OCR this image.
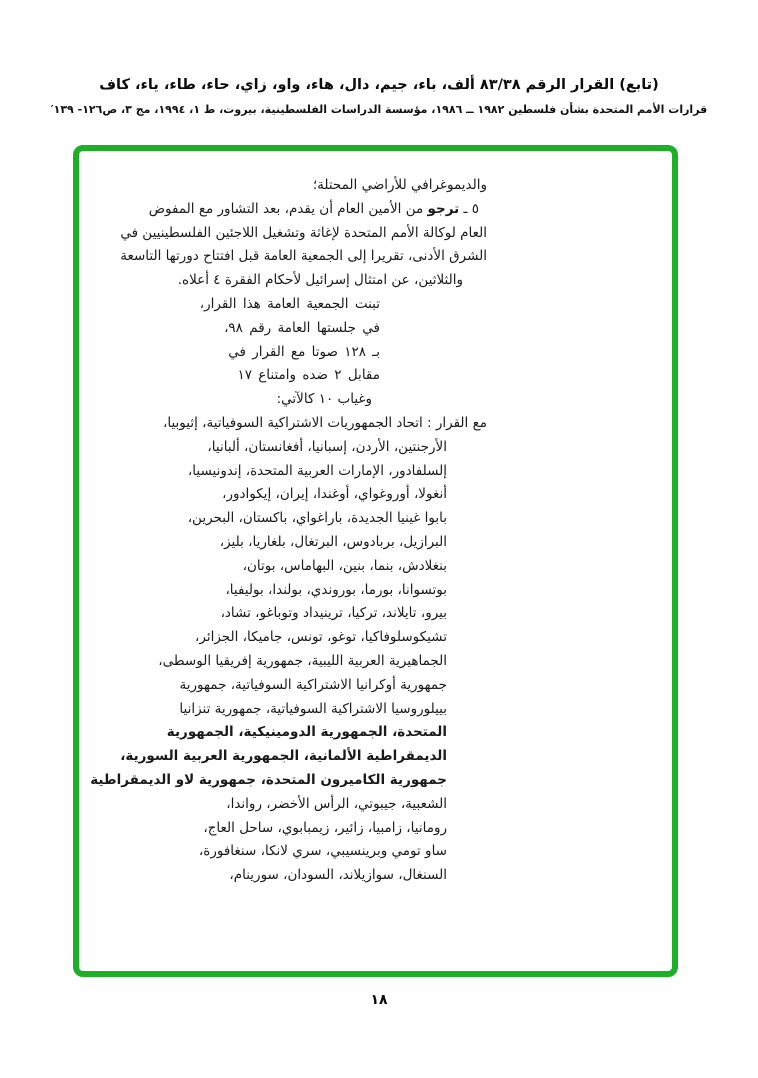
(تابع) القرار الرقم ٨٣/٣٨ ألف، باء، جيم، دال، هاء، واو، زاي، حاء، طاء، ياء، كاف
قرارات الأمم المتحدة بشأن فلسطين ١٩٨٢ ــ ١٩٨٦، مؤسسة الدراسات الفلسطينية، بيروت، ط ١، ١٩٩٤، مج ٣، ص١٢٦- ١٣٩′
والديموغرافي للأراضي المحتلة؛
٥ ـ ترجو من الأمين العام أن يقدم، بعد التشاور مع المفوض
العام لوكالة الأمم المتحدة لإغاثة وتشغيل اللاجئين الفلسطينيين في
الشرق الأدنى، تقريرا إلى الجمعية العامة قبل افتتاح دورتها التاسعة
والثلاثين، عن امتثال إسرائيل لأحكام الفقرة ٤ أعلاه.
تبنت الجمعية العامة هذا القرار،
في جلستها العامة رقم ٩٨،
بـ ١٢٨ صوتا مع القرار في
مقابل ٢ ضده وامتناع ١٧
وغياب ١٠ كالآتي:
مع القرار : اتحاد الجمهوريات الاشتراكية السوفياتية، إثيوبيا،
الأرجنتين، الأردن، إسبانيا، أفغانستان، ألبانيا،
إلسلفادور، الإمارات العربية المتحدة، إندونيسيا،
أنغولا، أوروغواي، أوغندا، إيران، إيكوادور،
بابوا غينيا الجديدة، باراغواي، باكستان، البحرين،
البرازيل، بربادوس، البرتغال، بلغاريا، بليز،
بنغلادش، بنما، بنين، البهاماس، بوتان،
بوتسوانا، بورما، بوروندي، بولندا، بوليفيا،
بيرو، تايلاند، تركيا، ترينيداد وتوباغو، تشاد،
تشيكوسلوفاكيا، توغو، تونس، جاميكا، الجزائر،
الجماهيرية العربية الليبية، جمهورية إفريقيا الوسطى،
جمهورية أوكرانيا الاشتراكية السوفياتية، جمهورية
بييلوروسيا الاشتراكية السوفياتية، جمهورية تنزانيا
المتحدة، الجمهورية الدومينيكية، الجمهورية
الديمقراطية الألمانية، الجمهورية العربية السورية،
جمهورية الكاميرون المتحدة، جمهورية لاو الديمقراطية
الشعبية، جيبوتي، الرأس الأخضر، رواندا،
رومانيا، زامبيا، زائير، زيمبابوي، ساحل العاج،
ساو تومي وبرينسيبي، سري لانكا، سنغافورة،
السنغال، سوازيلاند، السودان، سورينام،
١٨
